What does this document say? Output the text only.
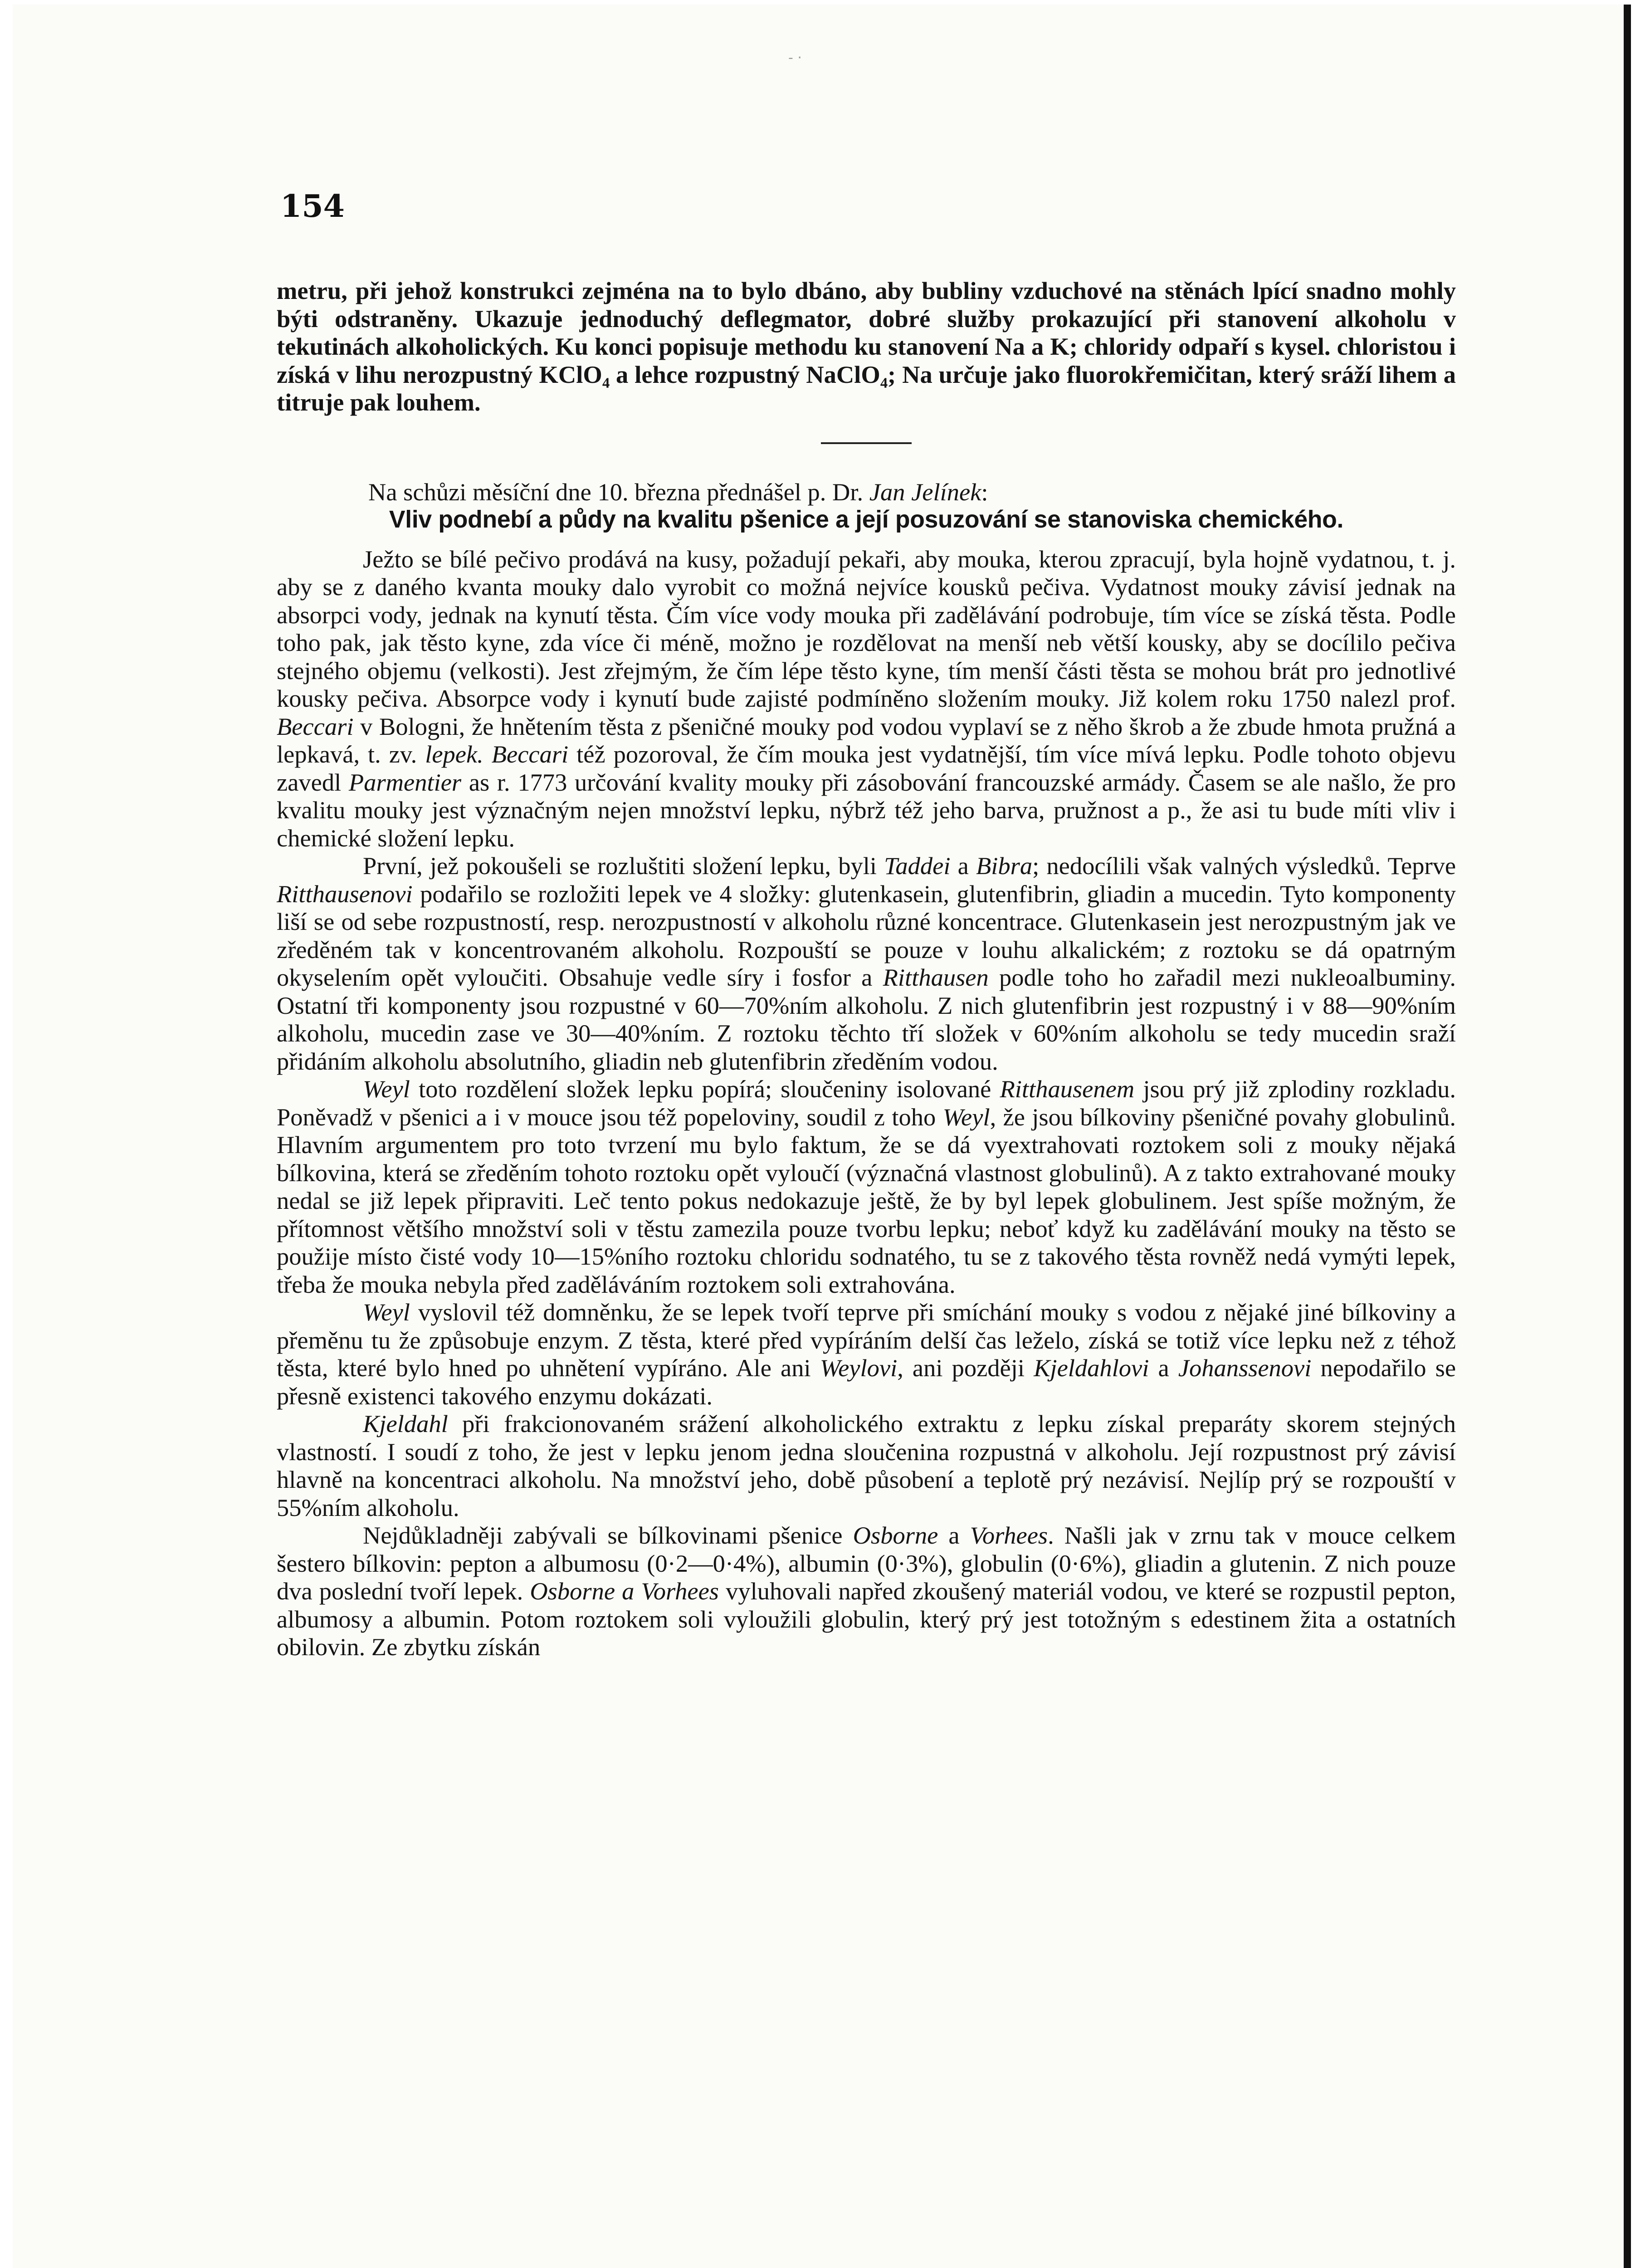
- ·

154

metru, při jehož konstrukci zejména na to bylo dbáno, aby bubliny vzduchové na stěnách lpící snadno mohly býti odstraněny. Ukazuje jednoduchý deflegmator, dobré služby prokazující při stanovení alkoholu v tekutinách alkoholických. Ku konci popisuje methodu ku stanovení Na a K; chloridy odpaří s kysel. chloristou i získá v lihu nerozpustný KClO₄ a lehce rozpustný NaClO₄; Na určuje jako fluorokřemičitan, který sráží lihem a titruje pak louhem.

Na schůzi měsíční dne 10. března přednášel p. Dr. Jan Jelínek:

Vliv podnebí a půdy na kvalitu pšenice a její posuzování se stanoviska chemického.

Ježto se bílé pečivo prodává na kusy, požadují pekaři, aby mouka, kterou zpracují, byla hojně vydatnou, t. j. aby se z daného kvanta mouky dalo vyrobit co možná nejvíce kousků pečiva. Vydatnost mouky závisí jednak na absorpci vody, jednak na kynutí těsta. Čím více vody mouka při zadělávání podrobuje, tím více se získá těsta. Podle toho pak, jak těsto kyne, zda více či méně, možno je rozdělovat na menší neb větší kousky, aby se docílilo pečiva stejného objemu (velkosti). Jest zřejmým, že čím lépe těsto kyne, tím menší části těsta se mohou brát pro jednotlivé kousky pečiva. Absorpce vody i kynutí bude zajisté podmíněno složením mouky. Již kolem roku 1750 nalezl prof. Beccari v Bologni, že hnětením těsta z pšeničné mouky pod vodou vyplaví se z něho škrob a že zbude hmota pružná a lepkavá, t. zv. lepek. Beccari též pozoroval, že čím mouka jest vydatnější, tím více mívá lepku. Podle tohoto objevu zavedl Parmentier as r. 1773 určování kvality mouky při zásobování francouzské armády. Časem se ale našlo, že pro kvalitu mouky jest význačným nejen množství lepku, nýbrž též jeho barva, pružnost a p., že asi tu bude míti vliv i chemické složení lepku.

První, jež pokoušeli se rozluštiti složení lepku, byli Taddei a Bibra; nedocílili však valných výsledků. Teprve Ritthausenovi podařilo se rozložiti lepek ve 4 složky: glutenkasein, glutenfibrin, gliadin a mucedin. Tyto komponenty liší se od sebe rozpustností, resp. nerozpustností v alkoholu různé koncentrace. Glutenkasein jest nerozpustným jak ve zředěném tak v koncentrovaném alkoholu. Rozpouští se pouze v louhu alkalickém; z roztoku se dá opatrným okyselením opět vyloučiti. Obsahuje vedle síry i fosfor a Ritthausen podle toho ho zařadil mezi nukleoalbuminy. Ostatní tři komponenty jsou rozpustné v 60—70%ním alkoholu. Z nich glutenfibrin jest rozpustný i v 88—90%ním alkoholu, mucedin zase ve 30—40%ním. Z roztoku těchto tří složek v 60%ním alkoholu se tedy mucedin sraží přidáním alkoholu absolutního, gliadin neb glutenfibrin zředěním vodou.

Weyl toto rozdělení složek lepku popírá; sloučeniny isolované Ritthausenem jsou prý již zplodiny rozkladu. Poněvadž v pšenici a i v mouce jsou též popeloviny, soudil z toho Weyl, že jsou bílkoviny pšeničné povahy globulinů. Hlavním argumentem pro toto tvrzení mu bylo faktum, že se dá vyextrahovati roztokem soli z mouky nějaká bílkovina, která se zředěním tohoto roztoku opět vyloučí (význačná vlastnost globulinů). A z takto extrahované mouky nedal se již lepek připraviti. Leč tento pokus nedokazuje ještě, že by byl lepek globulinem. Jest spíše možným, že přítomnost většího množství soli v těstu zamezila pouze tvorbu lepku; neboť když ku zadělávání mouky na těsto se použije místo čisté vody 10—15%ního roztoku chloridu sodnatého, tu se z takového těsta rovněž nedá vymýti lepek, třeba že mouka nebyla před zaděláváním roztokem soli extrahována.

Weyl vyslovil též domněnku, že se lepek tvoří teprve při smíchání mouky s vodou z nějaké jiné bílkoviny a přeměnu tu že způsobuje enzym. Z těsta, které před vypíráním delší čas leželo, získá se totiž více lepku než z téhož těsta, které bylo hned po uhnětení vypíráno. Ale ani Weylovi, ani později Kjeldahlovi a Johanssenovi nepodařilo se přesně existenci takového enzymu dokázati.

Kjeldahl při frakcionovaném srážení alkoholického extraktu z lepku získal preparáty skorem stejných vlastností. I soudí z toho, že jest v lepku jenom jedna sloučenina rozpustná v alkoholu. Její rozpustnost prý závisí hlavně na koncentraci alkoholu. Na množství jeho, době působení a teplotě prý nezávisí. Nejlíp prý se rozpouští v 55%ním alkoholu.

Nejdůkladněji zabývali se bílkovinami pšenice Osborne a Vorhees. Našli jak v zrnu tak v mouce celkem šestero bílkovin: pepton a albumosu (0·2—0·4%), albumin (0·3%), globulin (0·6%), gliadin a glutenin. Z nich pouze dva poslední tvoří lepek. Osborne a Vorhees vyluhovali napřed zkoušený materiál vodou, ve které se rozpustil pepton, albumosy a albumin. Potom roztokem soli vyloužili globulin, který prý jest totožným s edestinem žita a ostatních obilovin. Ze zbytku získán
